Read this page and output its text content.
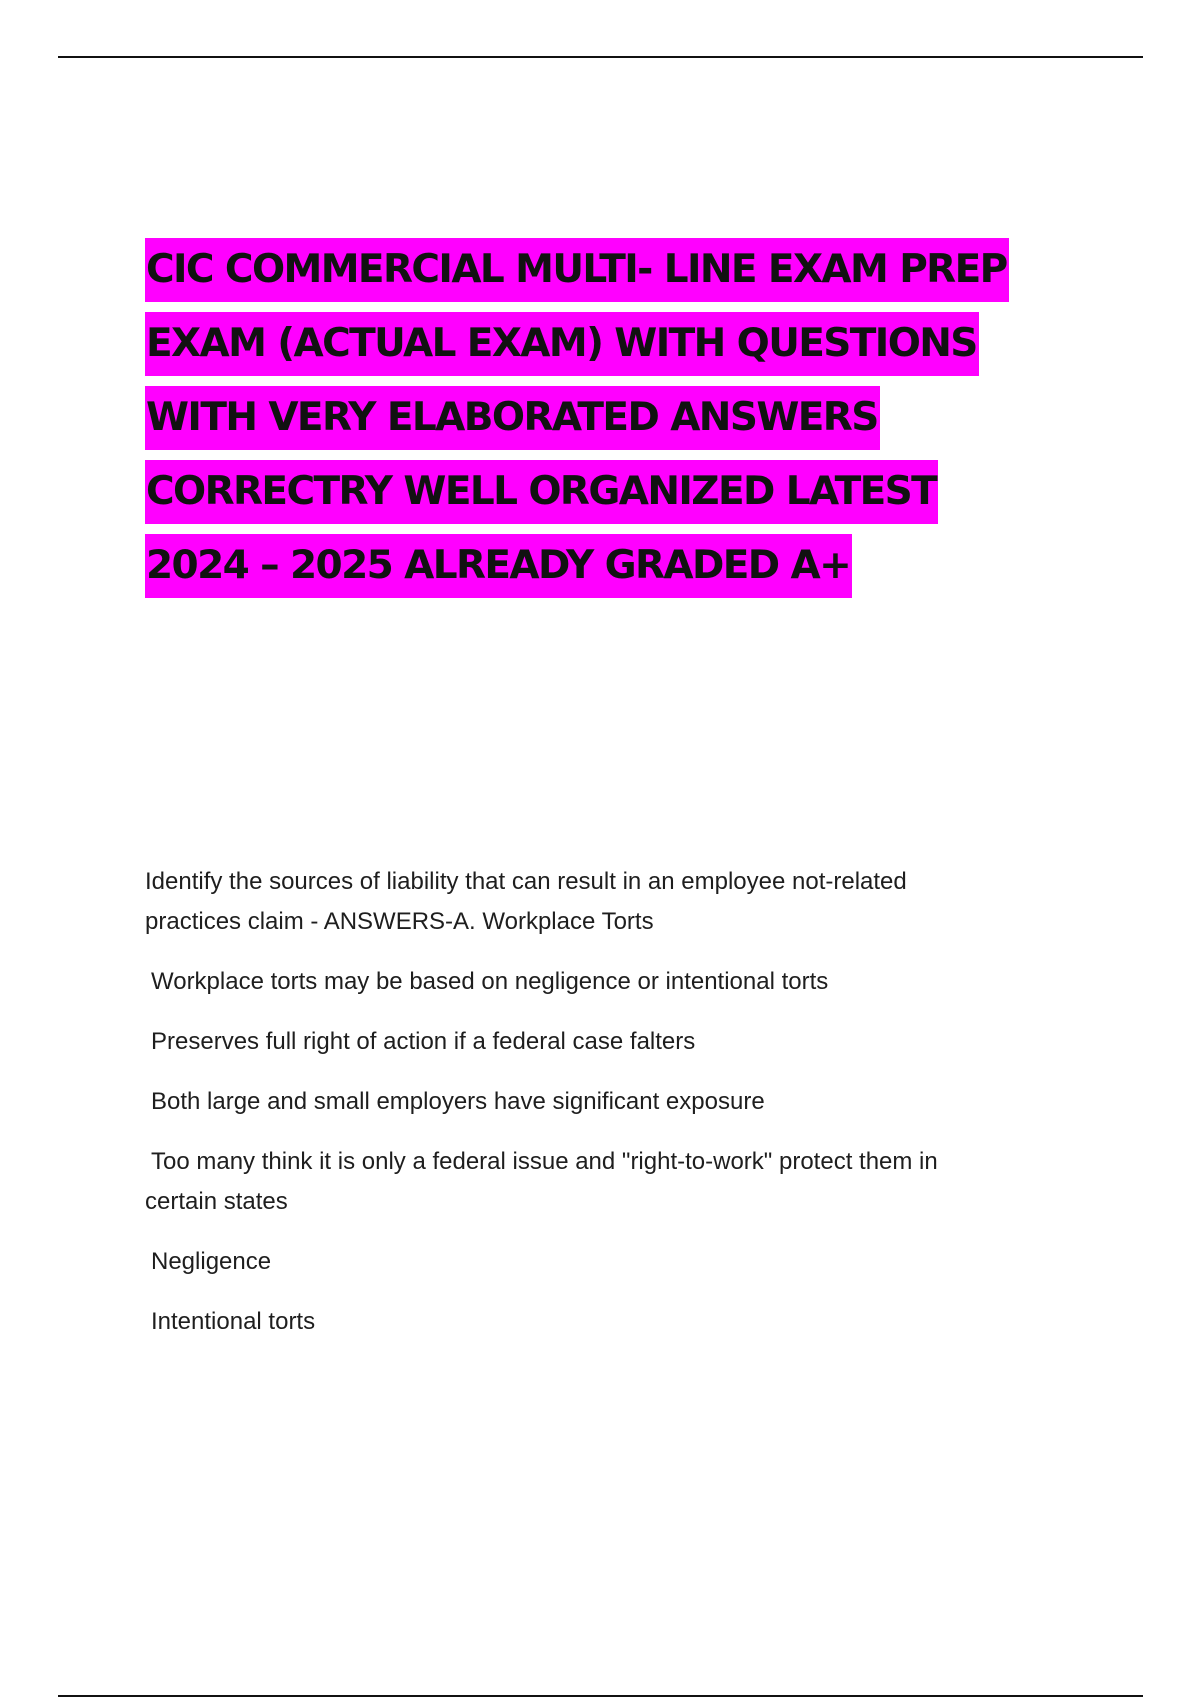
CIC COMMERCIAL MULTI- LINE EXAM PREP
EXAM (ACTUAL EXAM) WITH QUESTIONS
WITH VERY ELABORATED ANSWERS
CORRECTRY WELL ORGANIZED LATEST
2024 – 2025 ALREADY GRADED A+
Identify the sources of liability that can result in an employee not-related
practices claim - ANSWERS-A. Workplace Torts
Workplace torts may be based on negligence or intentional torts
Preserves full right of action if a federal case falters
Both large and small employers have significant exposure
Too many think it is only a federal issue and "right-to-work" protect them in
certain states
Negligence
Intentional torts
